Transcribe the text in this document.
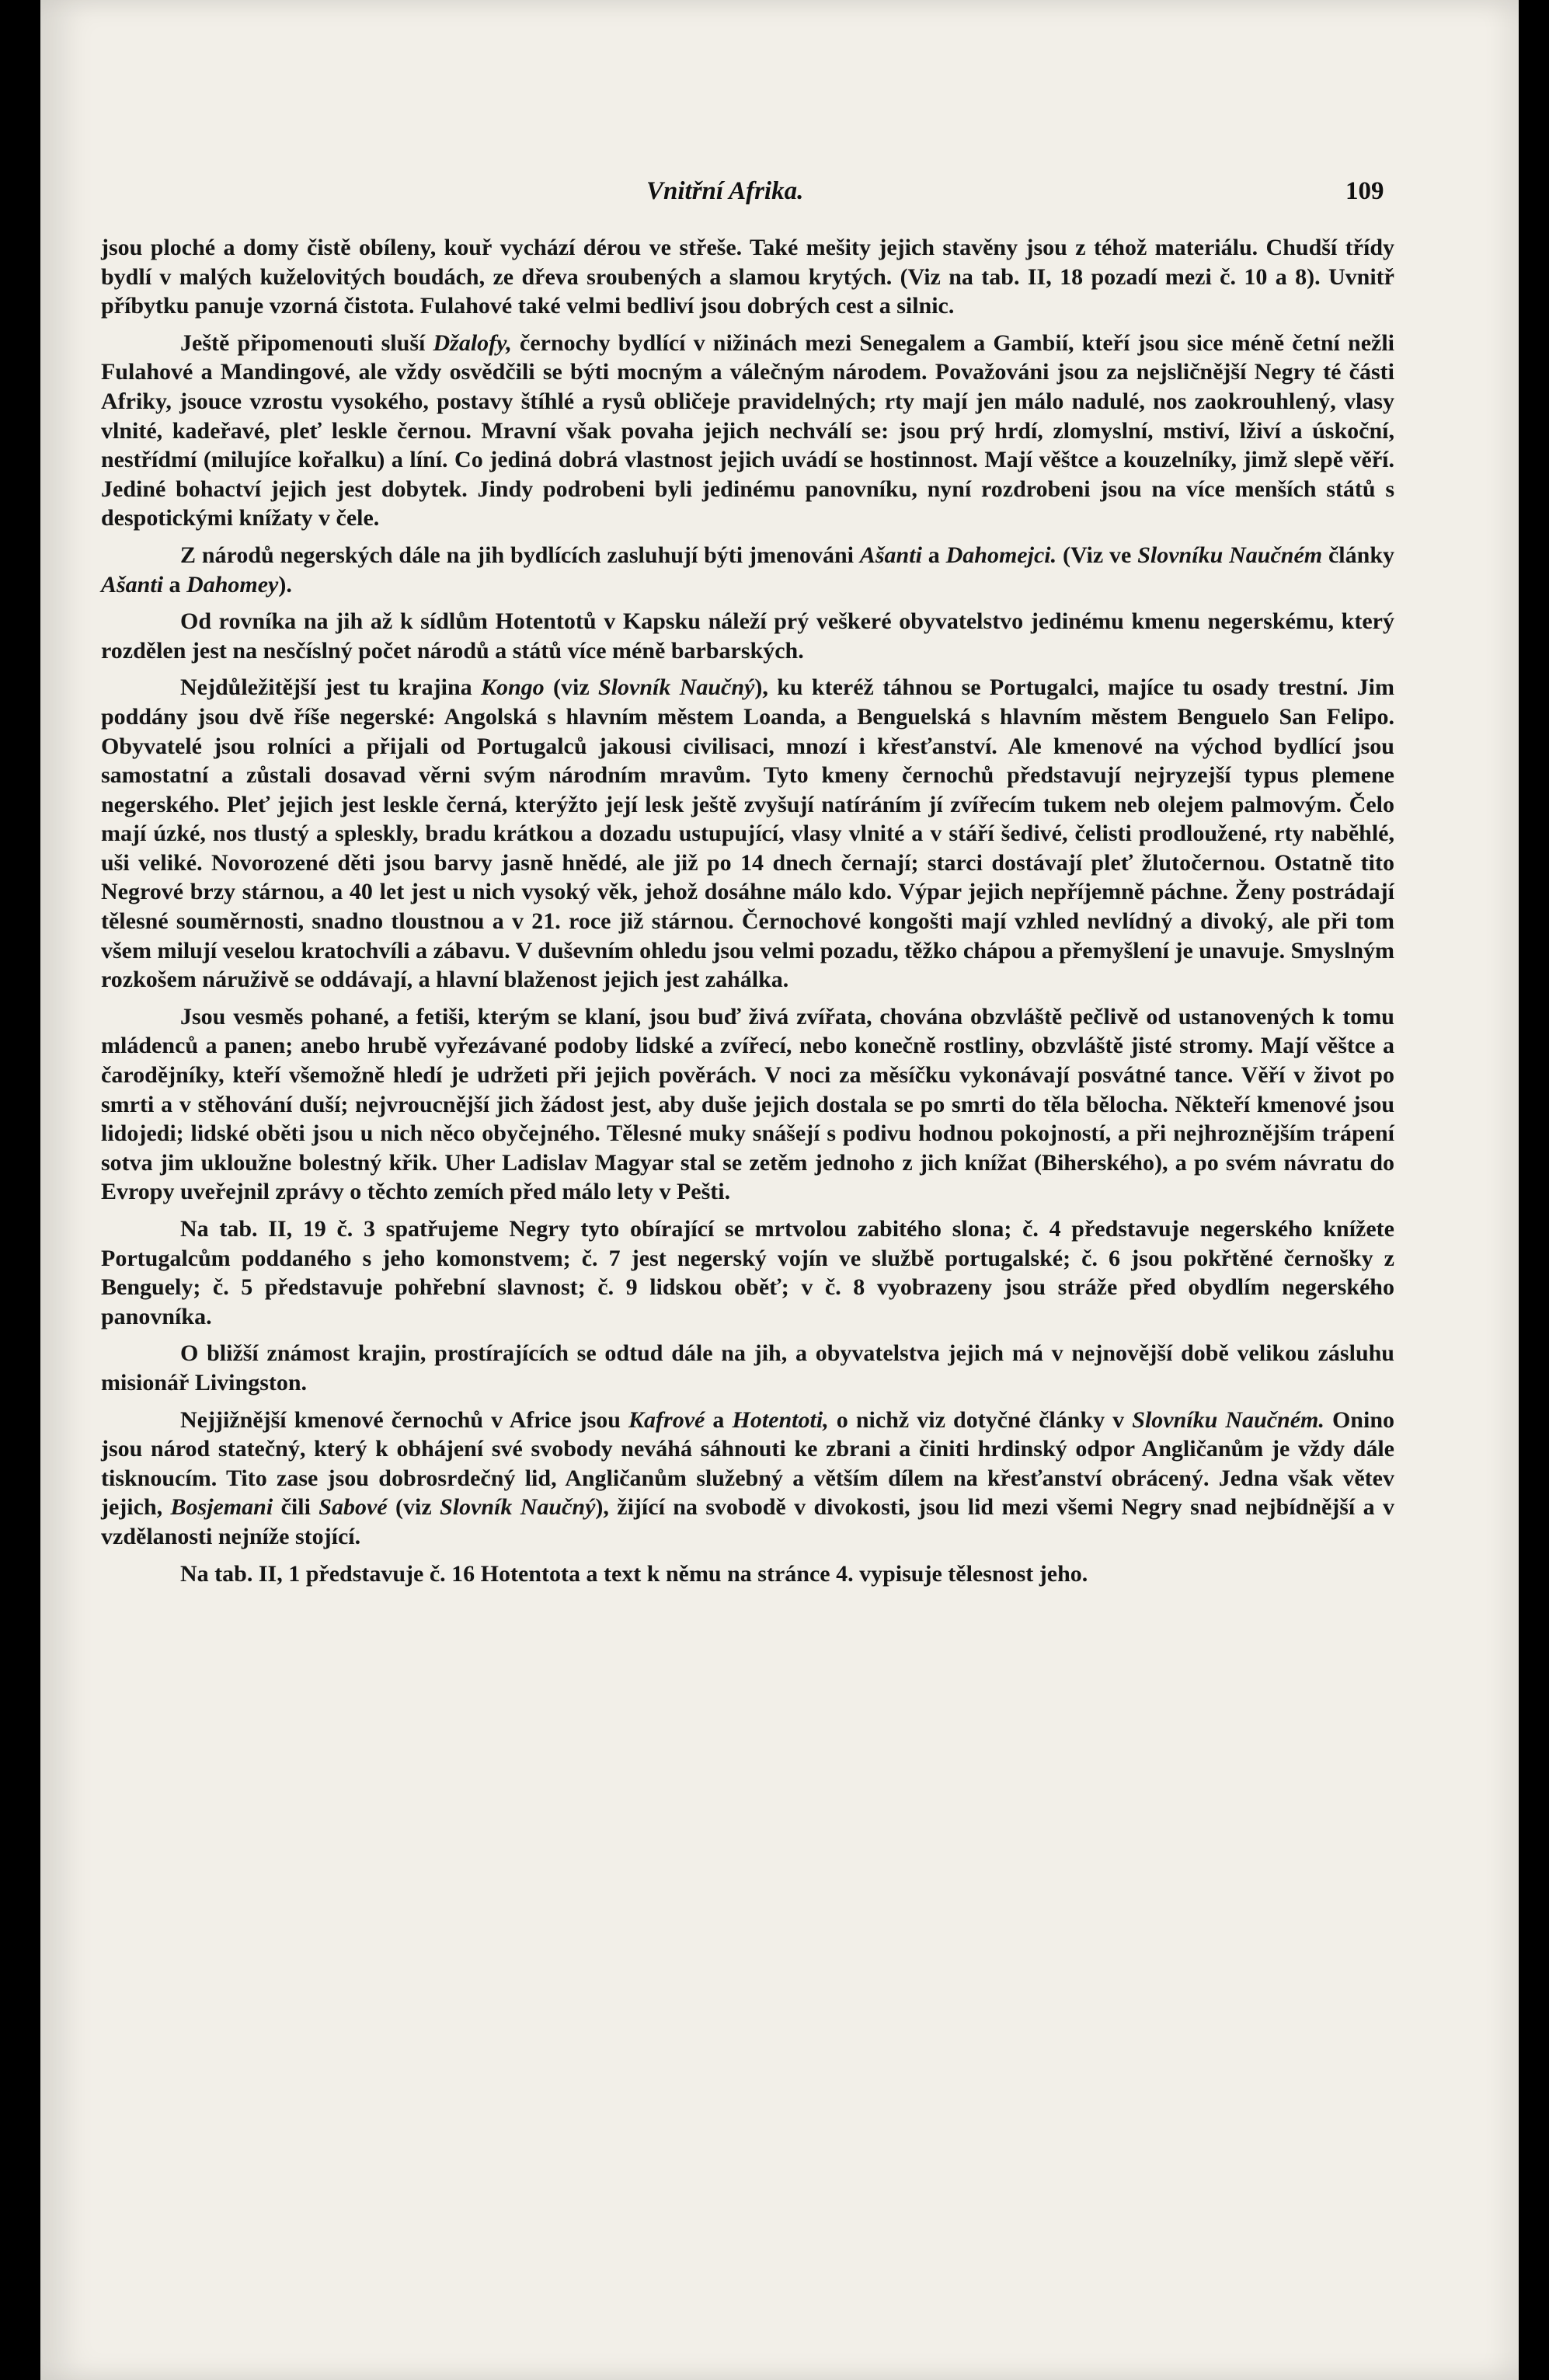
Vnitřní Afrika.	109

jsou ploché a domy čistě obíleny, kouř vychází dérou ve střeše. Také mešity jejich stavěny jsou z téhož materiálu. Chudší třídy bydlí v malých kuželovitých boudách, ze dřeva sroubených a slamou krytých. (Viz na tab. II, 18 pozadí mezi č. 10 a 8). Uvnitř příbytku panuje vzorná čistota. Fulahové také velmi bedliví jsou dobrých cest a silnic.

Ještě připomenouti sluší Džalofy, černochy bydlící v nižinách mezi Senegalem a Gambií, kteří jsou sice méně četní nežli Fulahové a Mandingové, ale vždy osvědčili se býti mocným a válečným národem. Považováni jsou za nejsličnější Negry té části Afriky, jsouce vzrostu vysokého, postavy štíhlé a rysů obličeje pravidelných; rty mají jen málo nadulé, nos zaokrouhlený, vlasy vlnité, kadeřavé, pleť leskle černou. Mravní však povaha jejich nechválí se: jsou prý hrdí, zlomyslní, mstiví, lživí a úskoční, nestřídmí (milujíce kořalku) a líní. Co jediná dobrá vlastnost jejich uvádí se hostinnost. Mají věštce a kouzelníky, jimž slepě věří. Jediné bohactví jejich jest dobytek. Jindy podrobeni byli jedinému panovníku, nyní rozdrobeni jsou na více menších států s despotickými knížaty v čele.

Z národů negerských dále na jih bydlících zasluhují býti jmenováni Ašanti a Dahomejci. (Viz ve Slovníku Naučném články Ašanti a Dahomey).

Od rovníka na jih až k sídlům Hotentotů v Kapsku náleží prý veškeré obyvatelstvo jedinému kmenu negerskému, který rozdělen jest na nesčíslný počet národů a států více méně barbarských.

Nejdůležitější jest tu krajina Kongo (viz Slovník Naučný), ku kteréž táhnou se Portugalci, majíce tu osady trestní. Jim poddány jsou dvě říše negerské: Angolská s hlavním městem Loanda, a Benguelská s hlavním městem Benguelo San Felipo. Obyvatelé jsou rolníci a přijali od Portugalců jakousi civilisaci, mnozí i křesťanství. Ale kmenové na východ bydlící jsou samostatní a zůstali dosavad věrni svým národním mravům. Tyto kmeny černochů představují nejryzejší typus plemene negerského. Pleť jejich jest leskle černá, kterýžto její lesk ještě zvyšují natíráním jí zvířecím tukem neb olejem palmovým. Čelo mají úzké, nos tlustý a spleskly, bradu krátkou a dozadu ustupující, vlasy vlnité a v stáří šedivé, čelisti prodloužené, rty naběhlé, uši veliké. Novorozené děti jsou barvy jasně hnědé, ale již po 14 dnech černají; starci dostávají pleť žlutočernou. Ostatně tito Negrové brzy stárnou, a 40 let jest u nich vysoký věk, jehož dosáhne málo kdo. Výpar jejich nepříjemně páchne. Ženy postrádají tělesné souměrnosti, snadno tloustnou a v 21. roce již stárnou. Černochové kongošti mají vzhled nevlídný a divoký, ale při tom všem milují veselou kratochvíli a zábavu. V duševním ohledu jsou velmi pozadu, těžko chápou a přemyšlení je unavuje. Smyslným rozkošem náruživě se oddávají, a hlavní blaženost jejich jest zahálka.

Jsou vesměs pohané, a fetiši, kterým se klaní, jsou buď živá zvířata, chována obzvláště pečlivě od ustanovených k tomu mládenců a panen; anebo hrubě vyřezávané podoby lidské a zvířecí, nebo konečně rostliny, obzvláště jisté stromy. Mají věštce a čarodějníky, kteří všemožně hledí je udržeti při jejich pověrách. V noci za měsíčku vykonávají posvátné tance. Věří v život po smrti a v stěhování duší; nejvroucnější jich žádost jest, aby duše jejich dostala se po smrti do těla bělocha. Někteří kmenové jsou lidojedi; lidské oběti jsou u nich něco obyčejného. Tělesné muky snášejí s podivu hodnou pokojností, a při nejhroznějším trápení sotva jim ukloužne bolestný křik. Uher Ladislav Magyar stal se zetěm jednoho z jich knížat (Biherského), a po svém návratu do Evropy uveřejnil zprávy o těchto zemích před málo lety v Pešti.

Na tab. II, 19 č. 3 spatřujeme Negry tyto obírající se mrtvolou zabitého slona; č. 4 představuje negerského knížete Portugalcům poddaného s jeho komonstvem; č. 7 jest negerský vojín ve službě portugalské; č. 6 jsou pokřtěné černošky z Benguely; č. 5 představuje pohřební slavnost; č. 9 lidskou oběť; v č. 8 vyobrazeny jsou stráže před obydlím negerského panovníka.

O bližší známost krajin, prostírajících se odtud dále na jih, a obyvatelstva jejich má v nejnovější době velikou zásluhu misionář Livingston.

Nejjižnější kmenové černochů v Africe jsou Kafrové a Hotentoti, o nichž viz dotyčné články v Slovníku Naučném. Onino jsou národ statečný, který k obhájení své svobody neváhá sáhnouti ke zbrani a činiti hrdinský odpor Angličanům je vždy dále tisknoucím. Tito zase jsou dobrosrdečný lid, Angličanům služebný a větším dílem na křesťanství obrácený. Jedna však větev jejich, Bosjemani čili Sabové (viz Slovník Naučný), žijící na svobodě v divokosti, jsou lid mezi všemi Negry snad nejbídnější a v vzdělanosti nejníže stojící.

Na tab. II, 1 představuje č. 16 Hotentota a text k němu na stránce 4. vypisuje tělesnost jeho.
